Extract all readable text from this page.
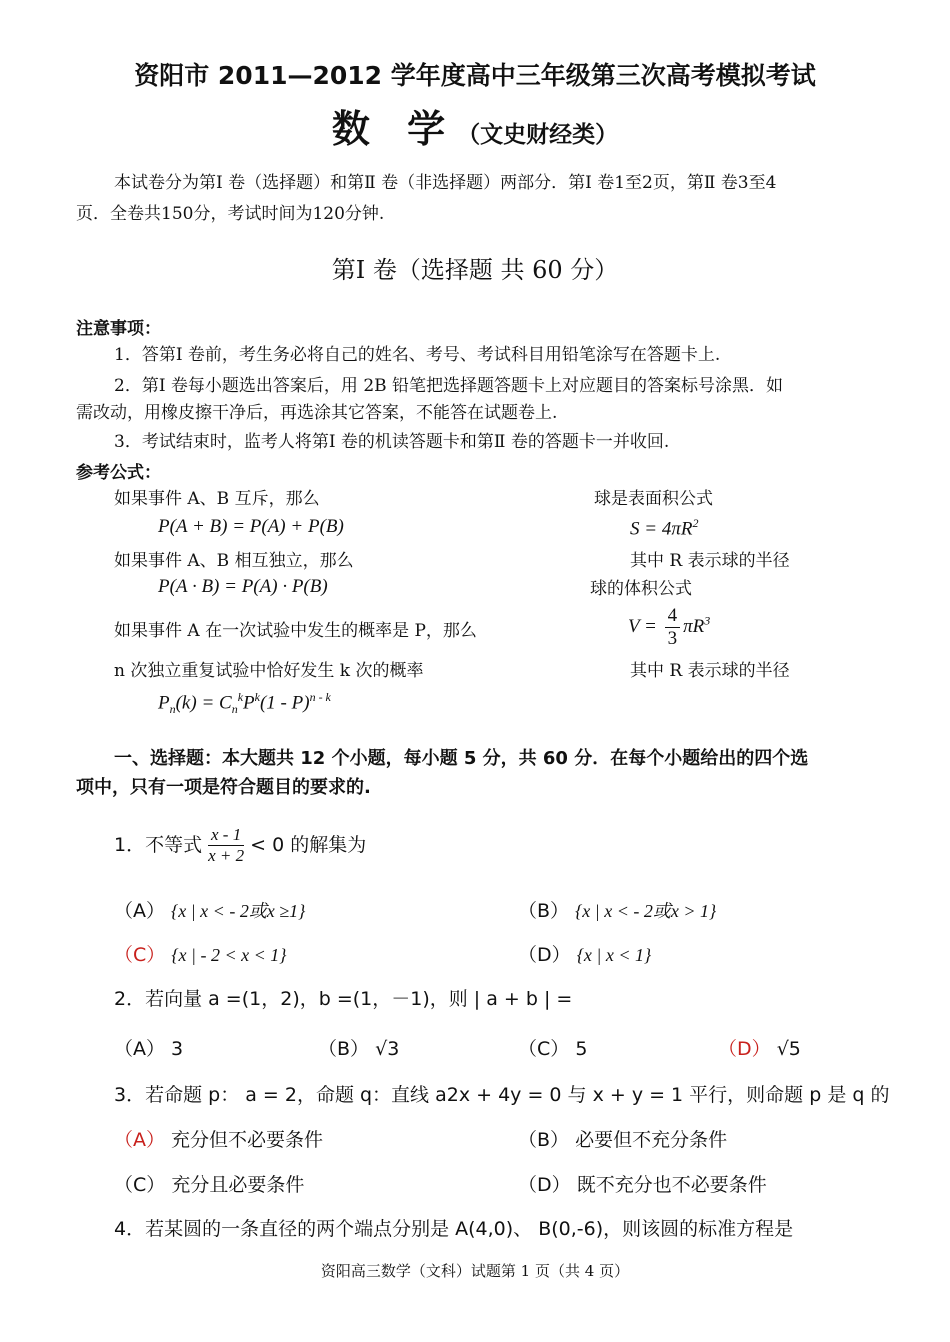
资阳市 2011—2012 学年度高中三年级第三次高考模拟考试
数 学（文史财经类）
本试卷分为第Ⅰ 卷（选择题）和第Ⅱ 卷（非选择题）两部分．第Ⅰ 卷1至2页，第Ⅱ 卷3至4
页．全卷共150分，考试时间为120分钟.
第Ⅰ 卷（选择题 共 60 分）
注意事项：
1．答第Ⅰ 卷前，考生务必将自己的姓名、考号、考试科目用铅笔涂写在答题卡上.
2．第Ⅰ 卷每小题选出答案后，用 2B 铅笔把选择题答题卡上对应题目的答案标号涂黑．如
需改动，用橡皮擦干净后，再选涂其它答案，不能答在试题卷上.
3．考试结束时，监考人将第Ⅰ 卷的机读答题卡和第Ⅱ 卷的答题卡一并收回.
参考公式：
如果事件 A、B 互斥，那么
P(A + B) = P(A) + P(B)
如果事件 A、B 相互独立，那么
P(A · B) = P(A) · P(B)
如果事件 A 在一次试验中发生的概率是 P，那么
n 次独立重复试验中恰好发生 k 次的概率
$P_n(k) = C_n^kP^k(1 - P)^{n - k}$
球是表面积公式
$S = 4\pi R^2$
其中 R 表示球的半径
球的体积公式
$V = \frac{4}{3} \pi R^3$
其中 R 表示球的半径
一、选择题：本大题共 12 个小题，每小题 5 分，共 60 分．在每个小题给出的四个选
项中，只有一项是符合题目的要求的.
1．不等式 $\frac{x - 1}{x + 2} < 0$ 的解集为
（A） {x | x < - 2或x ≥1}	（B） {x | x < - 2或x > 1}
（C） {x | - 2 < x < 1}	（D） {x | x < 1}
2．若向量 a =(1，2)，b =(1，－1)，则 | a + b | =
（A） 3	（B） √3	（C） 5	（D） √5
3．若命题 p： a = 2，命题 q：直线 a2x + 4y = 0 与 x + y = 1 平行，则命题 p 是 q 的
（A） 充分但不必要条件	（B） 必要但不充分条件
（C） 充分且必要条件	（D） 既不充分也不必要条件
4．若某圆的一条直径的两个端点分别是 A(4,0)、 B(0,-6)，则该圆的标准方程是
资阳高三数学（文科）试题第 1 页（共 4 页）
